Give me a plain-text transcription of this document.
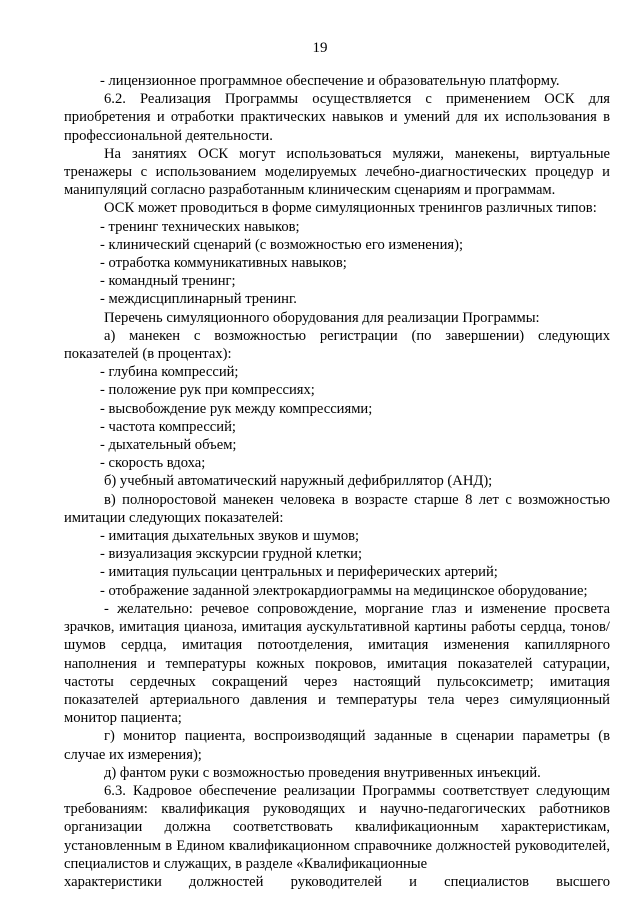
19

- лицензионное программное обеспечение и образовательную платформу.

6.2. Реализация Программы осуществляется с применением ОСК для приобретения и отработки практических навыков и умений для их использования в профессиональной деятельности.

На занятиях ОСК могут использоваться муляжи, манекены, виртуальные тренажеры с использованием моделируемых лечебно-диагностических процедур и манипуляций согласно разработанным клиническим сценариям и программам.

ОСК может проводиться в форме симуляционных тренингов различных типов:

- тренинг технических навыков;

- клинический сценарий (с возможностью его изменения);

- отработка коммуникативных навыков;

- командный тренинг;

- междисциплинарный тренинг.

Перечень симуляционного оборудования для реализации Программы:

а) манекен с возможностью регистрации (по завершении) следующих показателей (в процентах):

- глубина компрессий;

- положение рук при компрессиях;

- высвобождение рук между компрессиями;

- частота компрессий;

- дыхательный объем;

- скорость вдоха;

б) учебный автоматический наружный дефибриллятор (АНД);

в) полноростовой манекен человека в возрасте старше 8 лет с возможностью имитации следующих показателей:

- имитация дыхательных звуков и шумов;

- визуализация экскурсии грудной клетки;

- имитация пульсации центральных и периферических артерий;

- отображение заданной электрокардиограммы на медицинское оборудование;

- желательно: речевое сопровождение, моргание глаз и изменение просвета зрачков, имитация цианоза, имитация аускультативной картины работы сердца, тонов/шумов сердца, имитация потоотделения, имитация изменения капиллярного наполнения и температуры кожных покровов, имитация показателей сатурации, частоты сердечных сокращений через настоящий пульсоксиметр; имитация показателей артериального давления и температуры тела через симуляционный монитор пациента;

г) монитор пациента, воспроизводящий заданные в сценарии параметры (в случае их измерения);

д) фантом руки с возможностью проведения внутривенных инъекций.

6.3. Кадровое обеспечение реализации Программы соответствует следующим требованиям: квалификация руководящих и научно-педагогических работников организации должна соответствовать квалификационным характеристикам, установленным в Едином квалификационном справочнике должностей руководителей, специалистов и служащих, в разделе «Квалификационные

характеристики должностей руководителей и специалистов высшего
